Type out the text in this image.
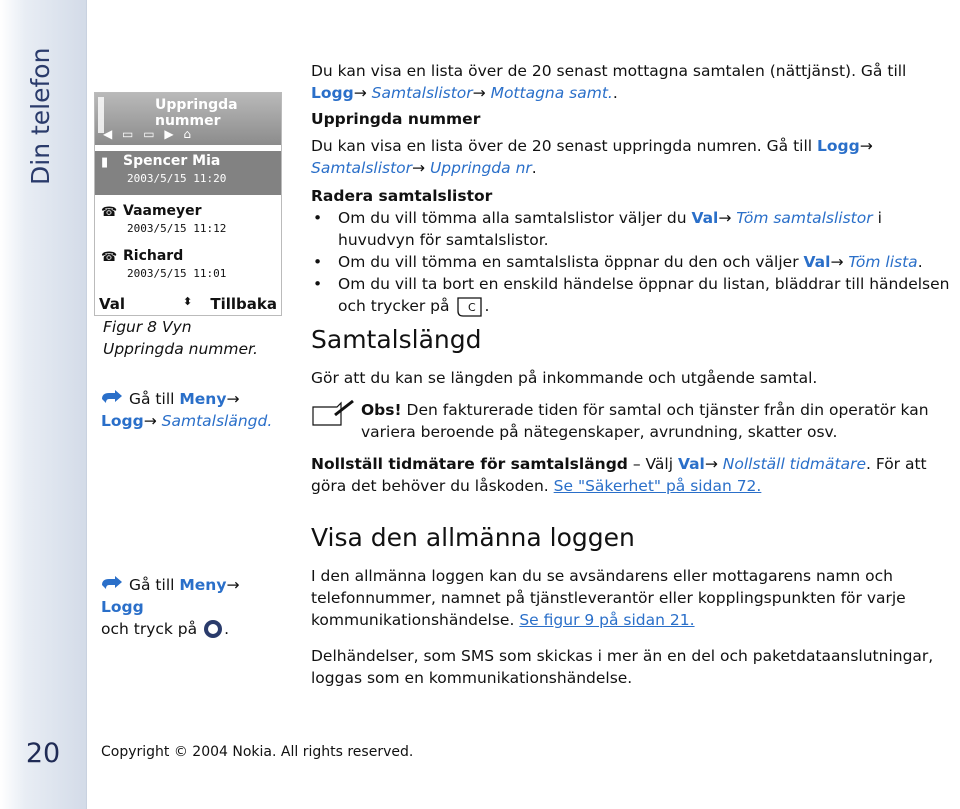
Din telefon
20
Uppringda nummer
◀ ▭ ▭ ▶ ⌂
▮ Spencer Mia
2003/5/15 11:20
☎ Vaameyer
2003/5/15 11:12
☎ Richard
2003/5/15 11:01
Val	⬍ Tillbaka
Figur 8 Vyn Uppringda nummer.
Gå till Meny→
Logg→ Samtalslängd.
Gå till Meny→ Logg
och tryck på .

Du kan visa en lista över de 20 senast mottagna samtalen (nättjänst). Gå till Logg→ Samtalslistor→ Mottagna samt..

Uppringda nummer

Du kan visa en lista över de 20 senast uppringda numren. Gå till Logg→ Samtalslistor→ Uppringda nr.

Radera samtalslistor

• Om du vill tömma alla samtalslistor väljer du Val→ Töm samtalslistor i huvudvyn för samtalslistor.
• Om du vill tömma en samtalslista öppnar du den och väljer Val→ Töm lista.
• Om du vill ta bort en enskild händelse öppnar du listan, bläddrar till händelsen och trycker på C .

Samtalslängd

Gör att du kan se längden på inkommande och utgående samtal.

Obs! Den fakturerade tiden för samtal och tjänster från din operatör kan variera beroende på nätegenskaper, avrundning, skatter osv.

Nollställ tidmätare för samtalslängd – Välj Val→ Nollställ tidmätare. För att göra det behöver du låskoden. Se "Säkerhet" på sidan 72.

Visa den allmänna loggen

I den allmänna loggen kan du se avsändarens eller mottagarens namn och telefonnummer, namnet på tjänstleverantör eller kopplingspunkten för varje kommunikationshändelse. Se figur 9 på sidan 21.

Delhändelser, som SMS som skickas i mer än en del och paketdataanslutningar, loggas som en kommunikationshändelse.

Copyright © 2004 Nokia. All rights reserved.
